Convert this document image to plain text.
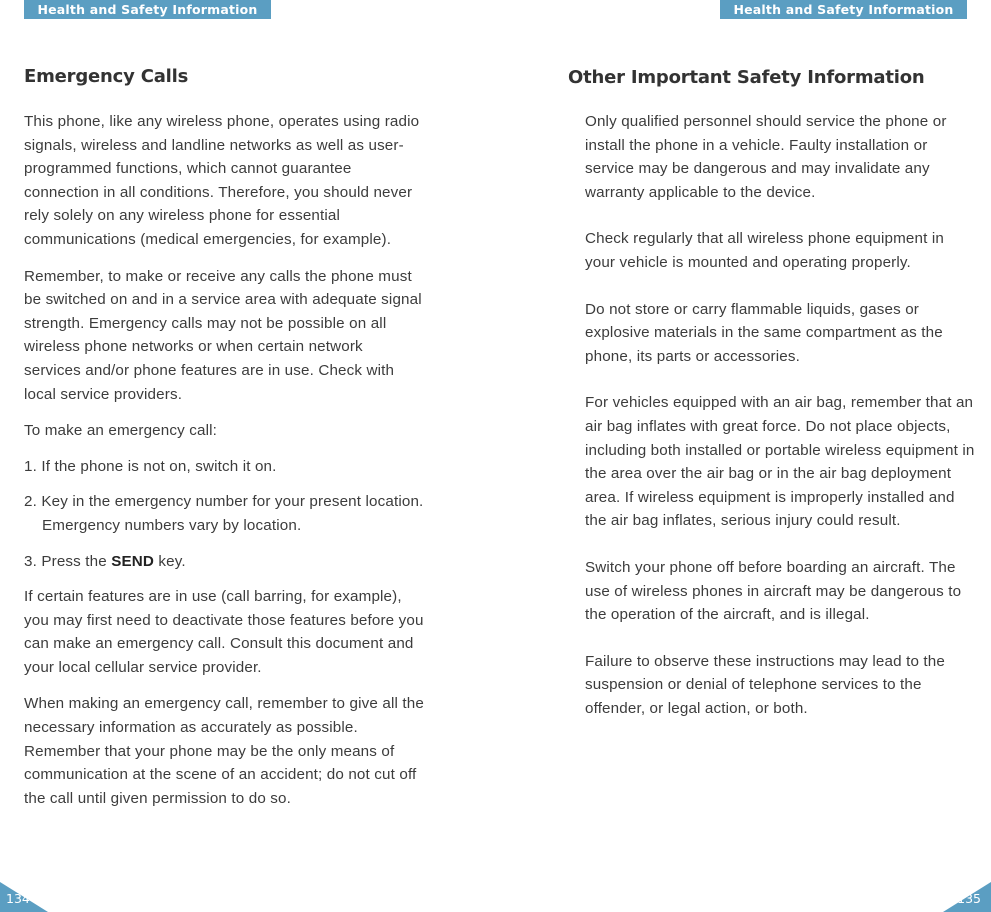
Health and Safety Information	Health and Safety Information
Emergency Calls

This phone, like any wireless phone, operates using radio signals, wireless and landline networks as well as user-programmed functions, which cannot guarantee connection in all conditions. Therefore, you should never rely solely on any wireless phone for essential communications (medical emergencies, for example).

Remember, to make or receive any calls the phone must be switched on and in a service area with adequate signal strength. Emergency calls may not be possible on all wireless phone networks or when certain network services and/or phone features are in use. Check with local service providers.

To make an emergency call:

1. If the phone is not on, switch it on.

2. Key in the emergency number for your present location. Emergency numbers vary by location.

3. Press the SEND key.

If certain features are in use (call barring, for example), you may first need to deactivate those features before you can make an emergency call. Consult this document and your local cellular service provider.

When making an emergency call, remember to give all the necessary information as accurately as possible. Remember that your phone may be the only means of communication at the scene of an accident; do not cut off the call until given permission to do so.

Other Important Safety Information

Only qualified personnel should service the phone or install the phone in a vehicle. Faulty installation or service may be dangerous and may invalidate any warranty applicable to the device.

Check regularly that all wireless phone equipment in your vehicle is mounted and operating properly.

Do not store or carry flammable liquids, gases or explosive materials in the same compartment as the phone, its parts or accessories.

For vehicles equipped with an air bag, remember that an air bag inflates with great force. Do not place objects, including both installed or portable wireless equipment in the area over the air bag or in the air bag deployment area. If wireless equipment is improperly installed and the air bag inflates, serious injury could result.

Switch your phone off before boarding an aircraft. The use of wireless phones in aircraft may be dangerous to the operation of the aircraft, and is illegal.

Failure to observe these instructions may lead to the suspension or denial of telephone services to the offender, or legal action, or both.

134	135
